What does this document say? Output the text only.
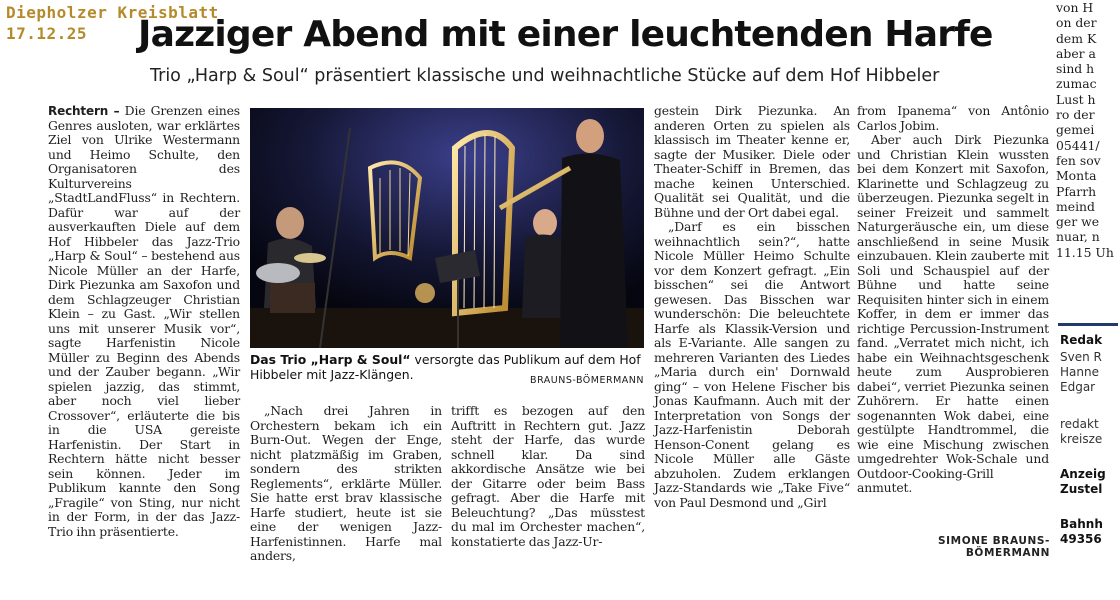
Diepholzer Kreisblatt
17.12.25 Jazziger Abend mit einer leuchtenden Harfe
Trio „Harp & Soul“ präsentiert klassische und weihnachtliche Stücke auf dem Hof Hibbeler

Rechtern – Die Grenzen eines Genres ausloten, war erklärtes Ziel von Ulrike Westermann und Heimo Schulte, den Organisatoren des Kulturvereins „StadtLandFluss“ in Rechtern. Dafür war auf der ausverkauften Diele auf dem Hof Hibbeler das Jazz-Trio „Harp & Soul“ – bestehend aus Nicole Müller an der Harfe, Dirk Piezunka am Saxofon und dem Schlagzeuger Christian Klein – zu Gast. „Wir stellen uns mit unserer Musik vor“, sagte Harfenistin Nicole Müller zu Beginn des Abends und der Zauber begann. „Wir spielen jazzig, das stimmt, aber noch viel lieber Crossover“, erläuterte die bis in die USA gereiste Harfenistin. Der Start in Rechtern hätte nicht besser sein können. Jeder im Publikum kannte den Song „Fragile“ von Sting, nur nicht in der Form, in der das Jazz-Trio ihn präsentierte.

Das Trio „Harp & Soul“ versorgte das Publikum auf dem Hof Hibbeler mit Jazz-Klängen.	BRAUNS-BÖMERMANN

„Nach drei Jahren in Orchestern bekam ich ein Burn-Out. Wegen der Enge, nicht platzmäßig im Graben, sondern des strikten Reglements“, erklärte Müller. Sie hatte erst brav klassische Harfe studiert, heute ist sie eine der wenigen Jazz-Harfenistinnen. Harfe mal anders,

trifft es bezogen auf den Auftritt in Rechtern gut. Jazz steht der Harfe, das wurde schnell klar. Da sind akkordische Ansätze wie bei der Gitarre oder beim Bass gefragt. Aber die Harfe mit Beleuchtung? „Das müsstest du mal im Orchester machen“, konstatierte das Jazz-Ur-

gestein Dirk Piezunka. An anderen Orten zu spielen als klassisch im Theater kenne er, sagte der Musiker. Diele oder Theater-Schiff in Bremen, das mache keinen Unterschied. Qualität sei Qualität, und die Bühne und der Ort dabei egal.

„Darf es ein bisschen weihnachtlich sein?“, hatte Nicole Müller Heimo Schulte vor dem Konzert gefragt. „Ein bisschen“ sei die Antwort gewesen. Das Bisschen war wunderschön: Die beleuchtete Harfe als Klassik-Version und als E-Variante. Alle sangen zu mehreren Varianten des Liedes „Maria durch ein' Dornwald ging“ – von Helene Fischer bis Jonas Kaufmann. Auch mit der Interpretation von Songs der Jazz-Harfenistin Deborah Henson-Conent gelang es Nicole Müller alle Gäste abzuholen. Zudem erklangen Jazz-Standards wie „Take Five“ von Paul Desmond und „Girl

from Ipanema“ von Antônio Carlos Jobim.

Aber auch Dirk Piezunka und Christian Klein wussten bei dem Konzert mit Saxofon, Klarinette und Schlagzeug zu überzeugen. Piezunka segelt in seiner Freizeit und sammelt Naturgeräusche ein, um diese anschließend in seine Musik einzubauen. Klein zauberte mit Soli und Schauspiel auf der Bühne und hatte seine Requisiten hinter sich in einem Koffer, in dem er immer das richtige Percussion-Instrument fand. „Verratet mich nicht, ich habe ein Weihnachtsgeschenk heute zum Ausprobieren dabei“, verriet Piezunka seinen Zuhörern. Er hatte einen sogenannten Wok dabei, eine gestülpte Handtrommel, die wie eine Mischung zwischen umgedrehter Wok-Schale und Outdoor-Cooking-Grill anmutet.

SIMONE BRAUNS-BÖMERMANN
von H
on der
dem K
aber a
sind h
zumac
Lust h
ro der
gemei
05441/
fen sov
Monta
Pfarrh
meind
ger we
nuar, n
11.15 Uh
Redak
Sven R
Hanne
Edgar
redakt
kreisze
Anzeig
Zustel
Bahnh
49356
